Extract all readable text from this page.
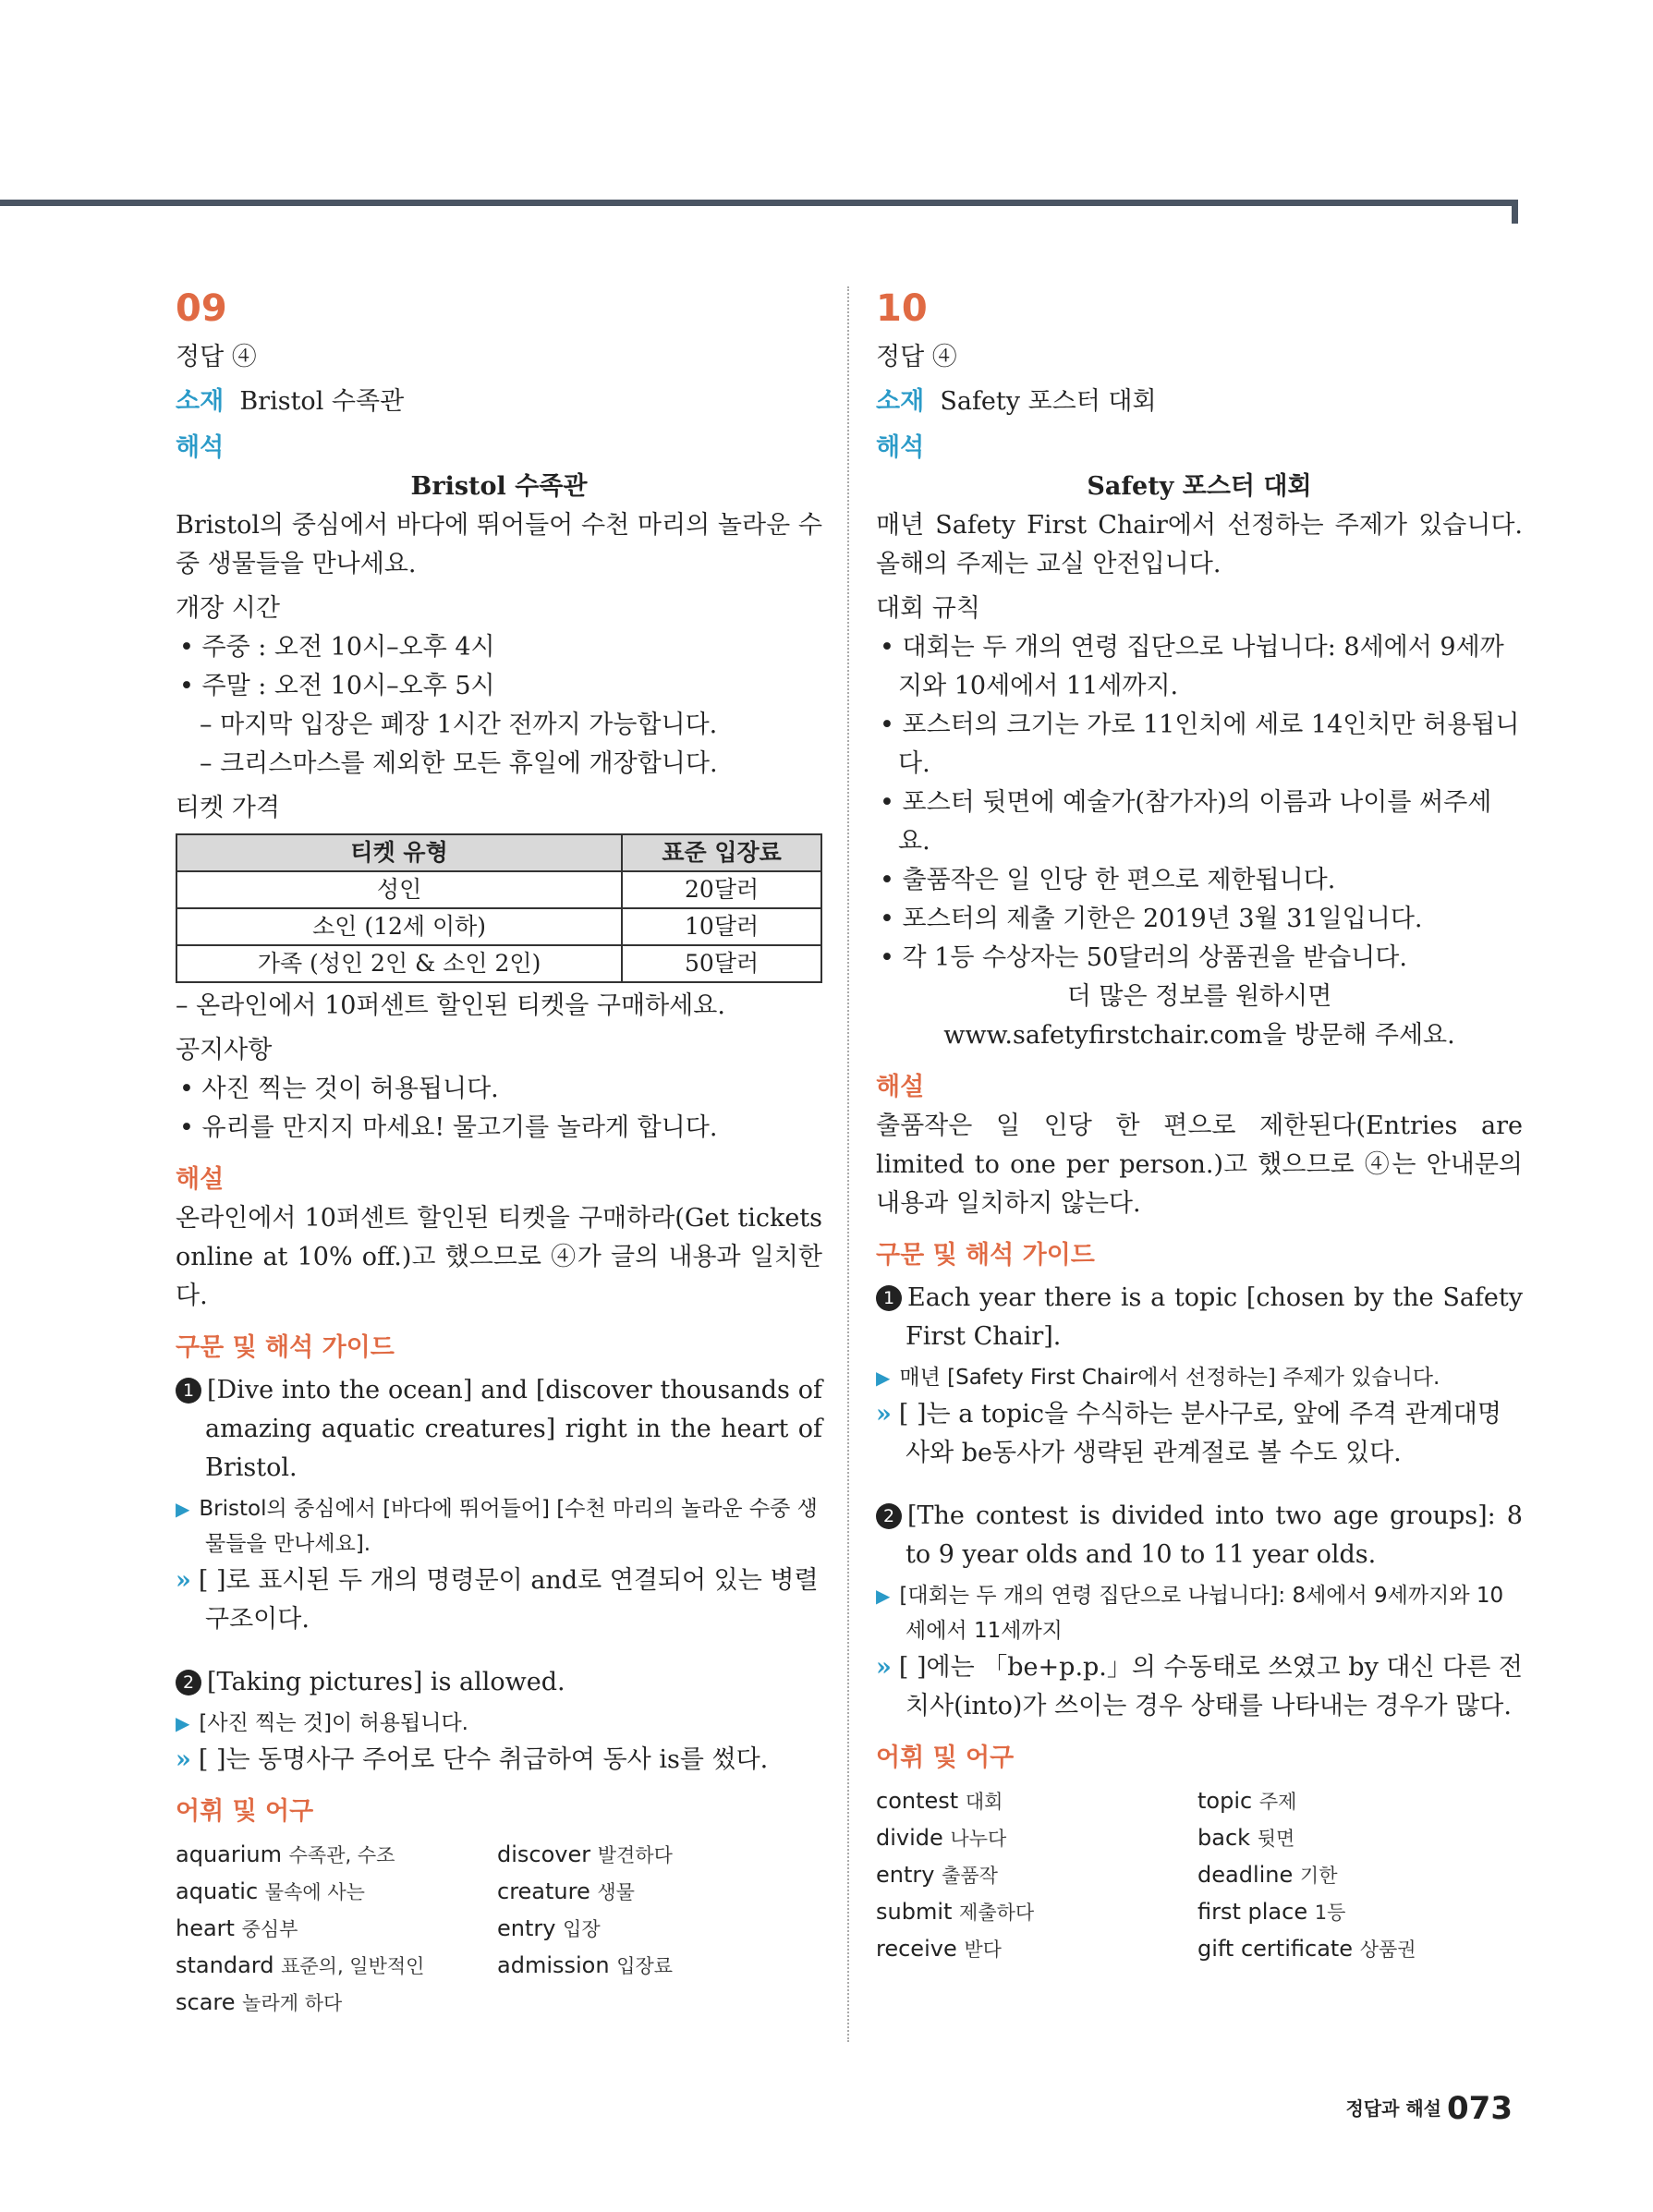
09

정답 ④

소재 Bristol 수족관

해석

Bristol 수족관

Bristol의 중심에서 바다에 뛰어들어 수천 마리의 놀라운 수중 생물들을 만나세요.

개장 시간

• 주중 : 오전 10시–오후 4시

• 주말 : 오전 10시–오후 5시

– 마지막 입장은 폐장 1시간 전까지 가능합니다.

– 크리스마스를 제외한 모든 휴일에 개장합니다.

티켓 가격

티켓 유형	표준 입장료
성인	20달러
소인 (12세 이하)	10달러
가족 (성인 2인 & 소인 2인)	50달러

– 온라인에서 10퍼센트 할인된 티켓을 구매하세요.

공지사항

• 사진 찍는 것이 허용됩니다.

• 유리를 만지지 마세요! 물고기를 놀라게 합니다.

해설

온라인에서 10퍼센트 할인된 티켓을 구매하라(Get tickets online at 10% off.)고 했으므로 ④가 글의 내용과 일치한다.

구문 및 해석 가이드

1 [Dive into the ocean] and [discover thousands of amazing aquatic creatures] right in the heart of Bristol.

▶ Bristol의 중심에서 [바다에 뛰어들어] [수천 마리의 놀라운 수중 생물들을 만나세요].

» [ ]로 표시된 두 개의 명령문이 and로 연결되어 있는 병렬 구조이다.

2 [Taking pictures] is allowed.

▶ [사진 찍는 것]이 허용됩니다.

» [ ]는 동명사구 주어로 단수 취급하여 동사 is를 썼다.

어휘 및 어구
aquarium 수족관, 수조	discover 발견하다
aquatic 물속에 사는	creature 생물
heart 중심부	entry 입장
standard 표준의, 일반적인	admission 입장료
scare 놀라게 하다
10

정답 ④

소재 Safety 포스터 대회

해석

Safety 포스터 대회

매년 Safety First Chair에서 선정하는 주제가 있습니다. 올해의 주제는 교실 안전입니다.

대회 규칙

• 대회는 두 개의 연령 집단으로 나뉩니다: 8세에서 9세까지와 10세에서 11세까지.

• 포스터의 크기는 가로 11인치에 세로 14인치만 허용됩니다.

• 포스터 뒷면에 예술가(참가자)의 이름과 나이를 써주세요.

• 출품작은 일 인당 한 편으로 제한됩니다.

• 포스터의 제출 기한은 2019년 3월 31일입니다.

• 각 1등 수상자는 50달러의 상품권을 받습니다.

더 많은 정보를 원하시면

www.safetyfirstchair.com을 방문해 주세요.

해설

출품작은 일 인당 한 편으로 제한된다(Entries are limited to one per person.)고 했으므로 ④는 안내문의 내용과 일치하지 않는다.

구문 및 해석 가이드

1 Each year there is a topic [chosen by the Safety First Chair].

▶ 매년 [Safety First Chair에서 선정하는] 주제가 있습니다.

» [ ]는 a topic을 수식하는 분사구로, 앞에 주격 관계대명사와 be동사가 생략된 관계절로 볼 수도 있다.

2 [The contest is divided into two age groups]: 8 to 9 year olds and 10 to 11 year olds.

▶ [대회는 두 개의 연령 집단으로 나뉩니다]: 8세에서 9세까지와 10세에서 11세까지

» [ ]에는 「be+p.p.」의 수동태로 쓰였고 by 대신 다른 전치사(into)가 쓰이는 경우 상태를 나타내는 경우가 많다.

어휘 및 어구
contest 대회	topic 주제
divide 나누다	back 뒷면
entry 출품작	deadline 기한
submit 제출하다	first place 1등
receive 받다	gift certificate 상품권
정답과 해설 073
